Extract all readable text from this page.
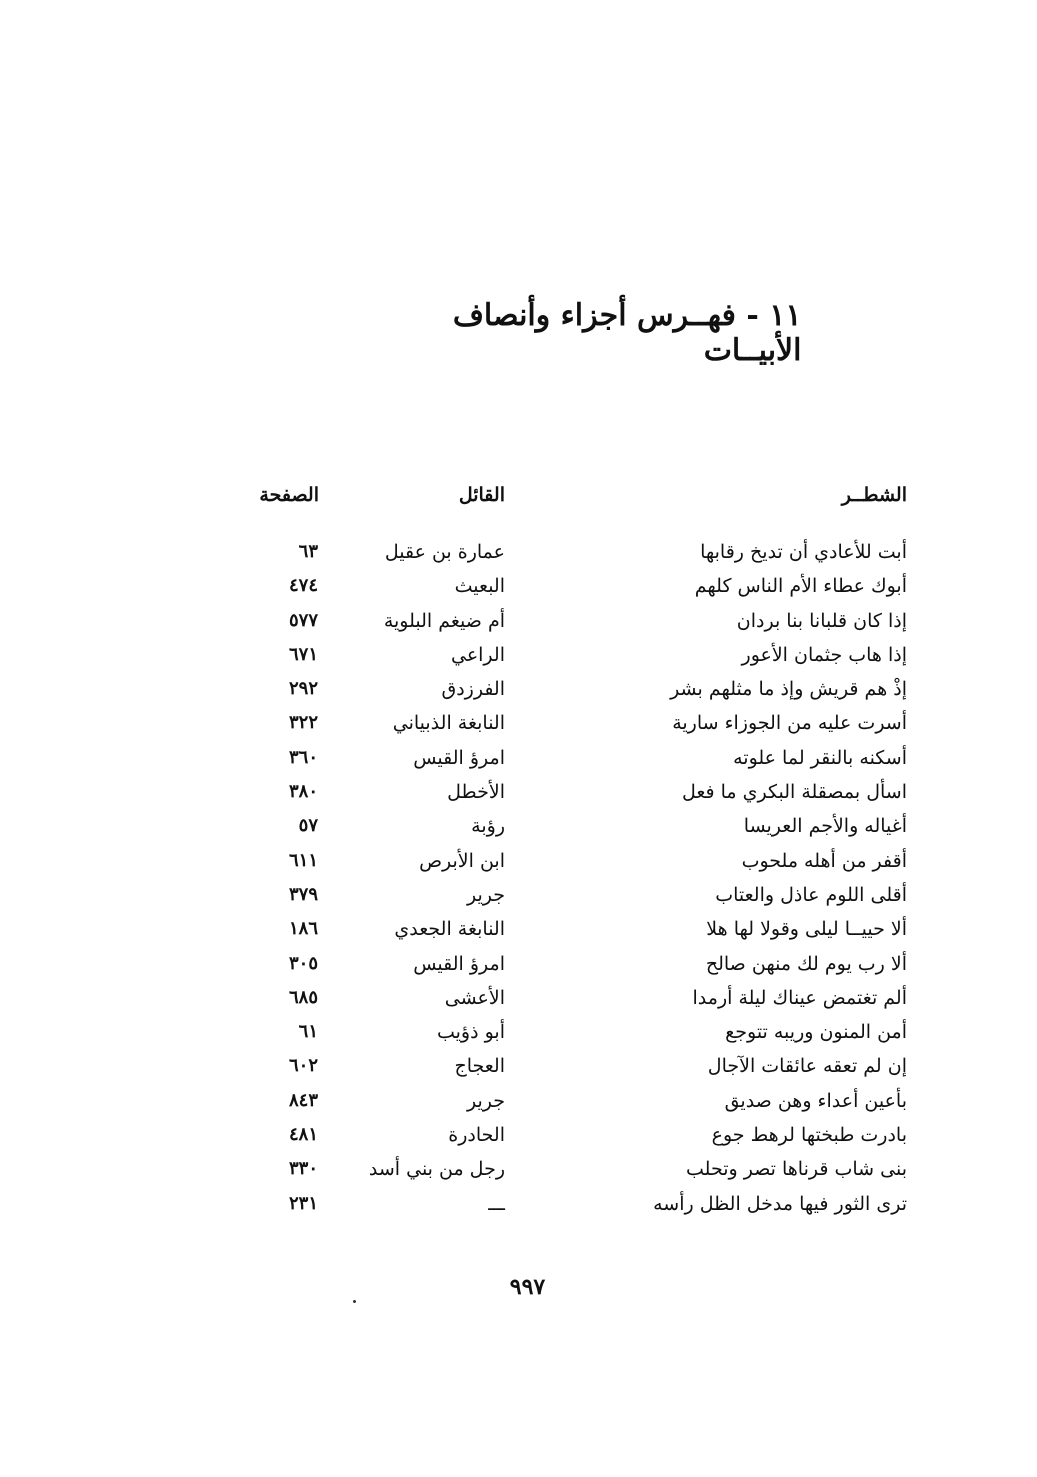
١١ - فهــرس أجزاء وأنصاف الأبيــات
الشطــر
القائل
الصفحة
أبت للأعادي أن تديخ رقابها
عمارة بن عقيل
٦٣
أبوك عطاء الأم الناس كلهم
البعيث
٤٧٤
إذا كان قلبانا بنا بردان
أم ضيغم البلوية
٥٧٧
إذا هاب جثمان الأعور
الراعي
٦٧١
إذْ هم قريش وإذ ما مثلهم بشر
الفرزدق
٢٩٢
أسرت عليه من الجوزاء سارية
النابغة الذبياني
٣٢٢
أسكنه بالنقر لما علوته
امرؤ القيس
٣٦٠
اسأل بمصقلة البكري ما فعل
الأخطل
٣٨٠
أغياله والأجم العريسا
رؤبة
٥٧
أقفر من أهله ملحوب
ابن الأبرص
٦١١
أقلى اللوم عاذل والعتاب
جرير
٣٧٩
ألا حييــا ليلى وقولا لها هلا
النابغة الجعدي
١٨٦
ألا رب يوم لك منهن صالح
امرؤ القيس
٣٠٥
ألم تغتمض عيناك ليلة أرمدا
الأعشى
٦٨٥
أمن المنون وريبه تتوجع
أبو ذؤيب
٦١
إن لم تعقه عائقات الآجال
العجاج
٦٠٢
بأعين أعداء وهن صديق
جرير
٨٤٣
بادرت طبختها لرهط جوع
الحادرة
٤٨١
بنى شاب قرناها تصر وتحلب
رجل من بني أسد
٣٣٠
ترى الثور فيها مدخل الظل رأسه
ـــ
٢٣١
٩٩٧
